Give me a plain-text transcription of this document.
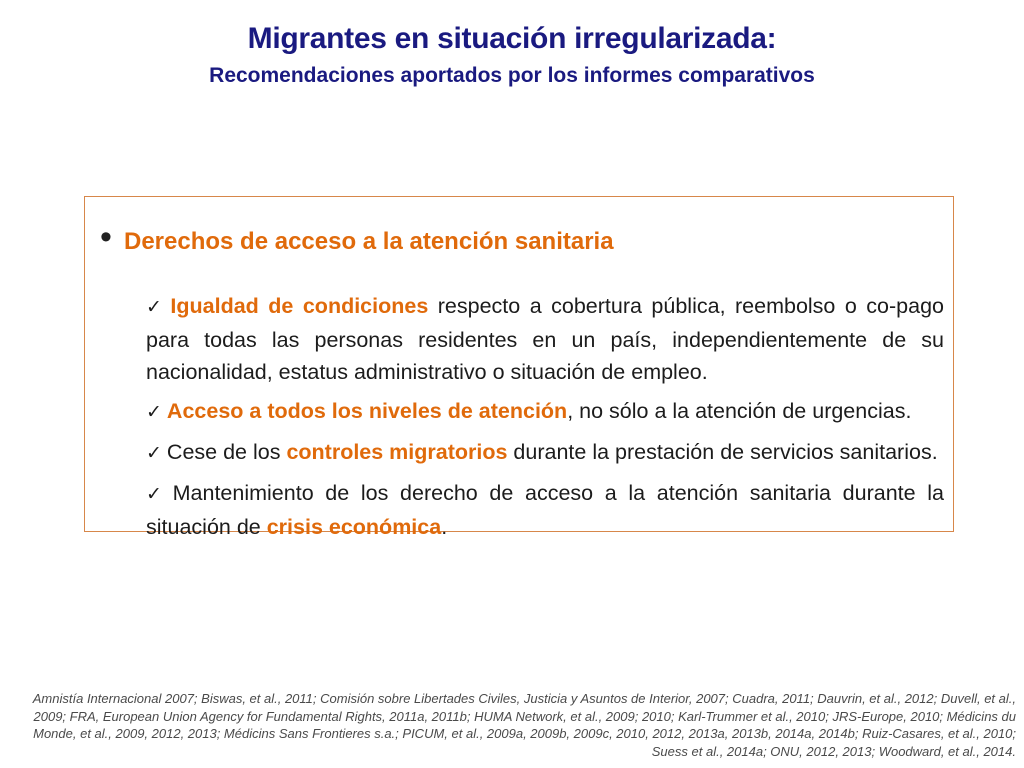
Migrantes en situación irregularizada:
Recomendaciones aportados por los informes comparativos
• Derechos de acceso a la atención sanitaria
✓ Igualdad de condiciones respecto a cobertura pública, reembolso o co-pago para todas las personas residentes en un país, independientemente de su nacionalidad, estatus administrativo o situación de empleo.
✓ Acceso a todos los niveles de atención, no sólo a la atención de urgencias.
✓ Cese de los controles migratorios durante la prestación de servicios sanitarios.
✓ Mantenimiento de los derecho de acceso a la atención sanitaria durante la situación de crisis económica.
Amnistía Internacional 2007; Biswas, et al., 2011; Comisión sobre Libertades Civiles, Justicia y Asuntos de Interior, 2007; Cuadra, 2011; Dauvrin, et al., 2012; Duvell, et al., 2009; FRA, European Union Agency for Fundamental Rights, 2011a, 2011b; HUMA Network, et al., 2009; 2010; Karl-Trummer et al., 2010; JRS-Europe, 2010; Médicins du Monde, et al., 2009, 2012, 2013; Médicins Sans Frontieres s.a.; PICUM, et al., 2009a, 2009b, 2009c, 2010, 2012, 2013a, 2013b, 2014a, 2014b; Ruiz-Casares, et al., 2010; Suess et al., 2014a; ONU, 2012, 2013; Woodward, et al., 2014.
